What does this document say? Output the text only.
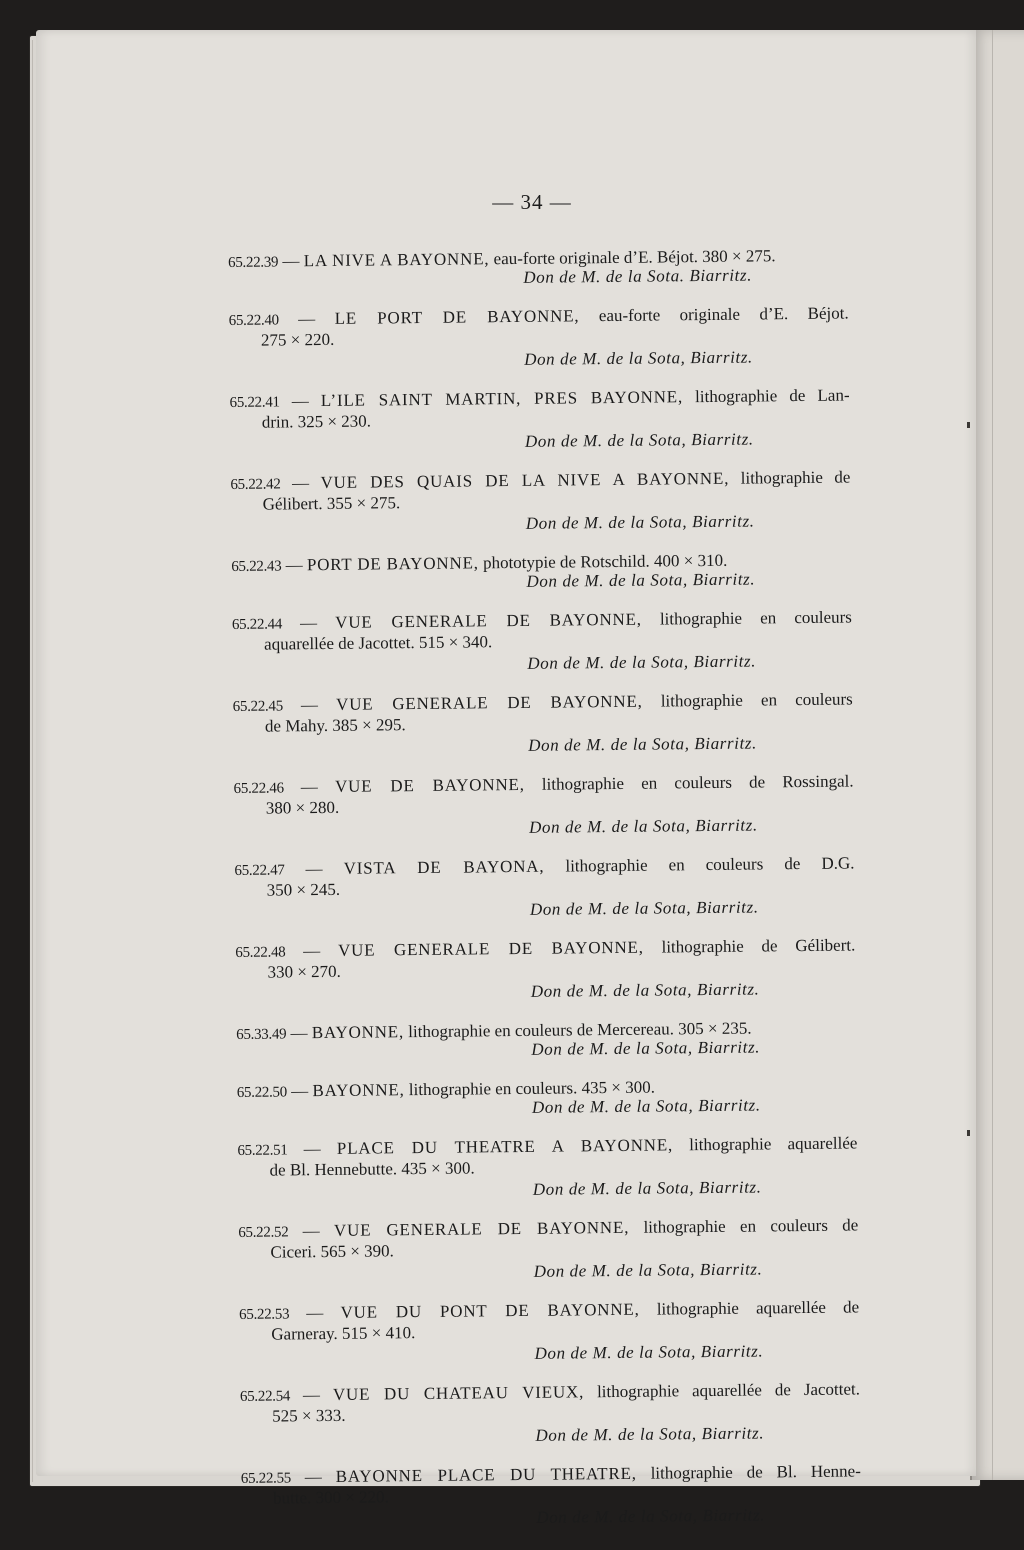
— 34 —
65.22.39 — LA NIVE A BAYONNE, eau-forte originale d’E. Béjot. 380 × 275.
Don de M. de la Sota. Biarritz.
65.22.40 — LE PORT DE BAYONNE, eau-forte originale d’E. Béjot.
275 × 220.
Don de M. de la Sota, Biarritz.
65.22.41 — L’ILE SAINT MARTIN, PRES BAYONNE, lithographie de Lan-
drin. 325 × 230.
Don de M. de la Sota, Biarritz.
65.22.42 — VUE DES QUAIS DE LA NIVE A BAYONNE, lithographie de
Gélibert. 355 × 275.
Don de M. de la Sota, Biarritz.
65.22.43 — PORT DE BAYONNE, phototypie de Rotschild. 400 × 310.
Don de M. de la Sota, Biarritz.
65.22.44 — VUE GENERALE DE BAYONNE, lithographie en couleurs
aquarellée de Jacottet. 515 × 340.
Don de M. de la Sota, Biarritz.
65.22.45 — VUE GENERALE DE BAYONNE, lithographie en couleurs
de Mahy. 385 × 295.
Don de M. de la Sota, Biarritz.
65.22.46 — VUE DE BAYONNE, lithographie en couleurs de Rossingal.
380 × 280.
Don de M. de la Sota, Biarritz.
65.22.47 — VISTA DE BAYONA, lithographie en couleurs de D.G.
350 × 245.
Don de M. de la Sota, Biarritz.
65.22.48 — VUE GENERALE DE BAYONNE, lithographie de Gélibert.
330 × 270.
Don de M. de la Sota, Biarritz.
65.33.49 — BAYONNE, lithographie en couleurs de Mercereau. 305 × 235.
Don de M. de la Sota, Biarritz.
65.22.50 — BAYONNE, lithographie en couleurs. 435 × 300.
Don de M. de la Sota, Biarritz.
65.22.51 — PLACE DU THEATRE A BAYONNE, lithographie aquarellée
de Bl. Hennebutte. 435 × 300.
Don de M. de la Sota, Biarritz.
65.22.52 — VUE GENERALE DE BAYONNE, lithographie en couleurs de
Ciceri. 565 × 390.
Don de M. de la Sota, Biarritz.
65.22.53 — VUE DU PONT DE BAYONNE, lithographie aquarellée de
Garneray. 515 × 410.
Don de M. de la Sota, Biarritz.
65.22.54 — VUE DU CHATEAU VIEUX, lithographie aquarellée de Jacottet.
525 × 333.
Don de M. de la Sota, Biarritz.
65.22.55 — BAYONNE PLACE DU THEATRE, lithographie de Bl. Henne-
butte. 300 × 220.
Don de M. de la Sota, Biarritz.
